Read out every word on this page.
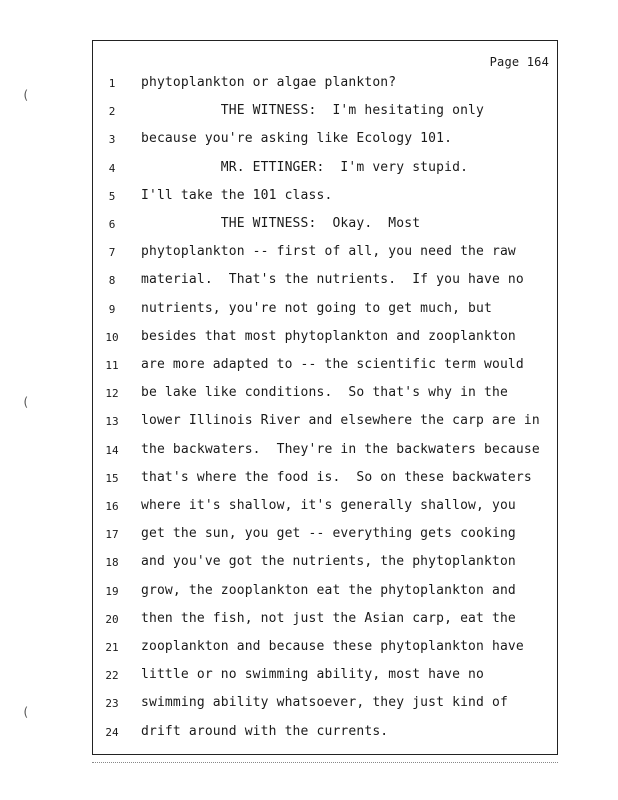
Page 164
1	phytoplankton or algae plankton?
2	THE WITNESS:  I'm hesitating only
3	because you're asking like Ecology 101.
4	MR. ETTINGER:  I'm very stupid.
5	I'll take the 101 class.
6	THE WITNESS:  Okay.  Most
7	phytoplankton -- first of all, you need the raw
8	material.  That's the nutrients.  If you have no
9	nutrients, you're not going to get much, but
10	besides that most phytoplankton and zooplankton
11	are more adapted to -- the scientific term would
12	be lake like conditions.  So that's why in the
13	lower Illinois River and elsewhere the carp are in
14	the backwaters.  They're in the backwaters because
15	that's where the food is.  So on these backwaters
16	where it's shallow, it's generally shallow, you
17	get the sun, you get -- everything gets cooking
18	and you've got the nutrients, the phytoplankton
19	grow, the zooplankton eat the phytoplankton and
20	then the fish, not just the Asian carp, eat the
21	zooplankton and because these phytoplankton have
22	little or no swimming ability, most have no
23	swimming ability whatsoever, they just kind of
24	drift around with the currents.
(
(
(
